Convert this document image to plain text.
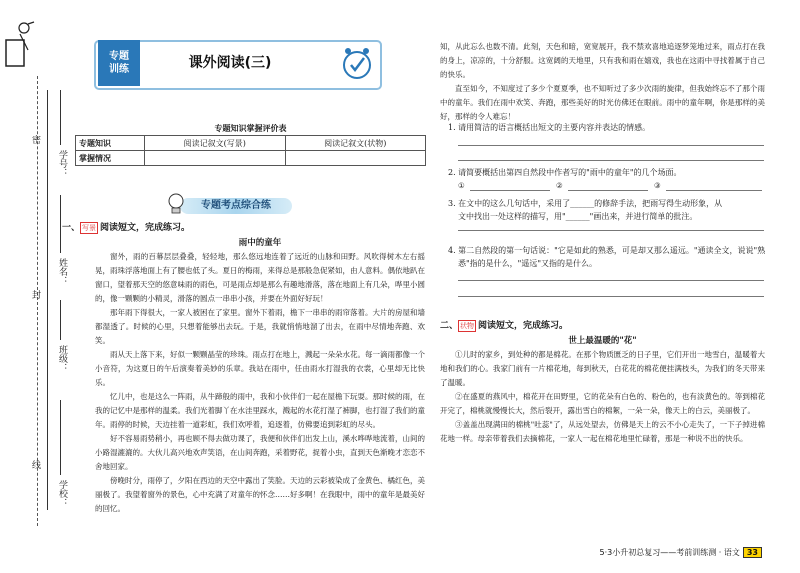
密
封
线
学号：
姓名：
班级：
学校：
专题
训练	课外阅读(三)
专题知识掌握评价表		
专题知识	阅读记叙文(写景)	阅读记叙文(状物)
掌握情况		
专题考点综合练
一、 写景 阅读短文，完成练习。
雨中的童年

窗外，雨的百幕层层叠叠，轻轻地，那么悠远地连着了远近的山脉和田野。风吹得树木左右摇晃，雨珠浮落地面上有了腰也低了头。夏日的梅雨，来得总是那般急促紧如，由人意料。偶依地趴在窗口，望着那天空的悠意味雨的雨色，可是雨点却是那么有趣地滑落，落在地面上有几朵，哗里小圆的，像一颗颗的小精灵，滑落的圆点一串串小孩，并要在外面好好玩！

那年雨下得很大，一家人被困在了家里。窗外下着雨，檐下一串串的雨帘落着。大片的房屋和墙都湿透了。时候的心里，只想着能够出去玩。于是，我就悄悄地溜了出去，在雨中尽情地奔跑、欢笑。

雨从天上落下来，好似一颗颗晶莹的珍珠。雨点打在地上，溅起一朵朵水花。每一滴雨都像一个小音符，为这夏日的午后演奏着美妙的乐章。我站在雨中，任由雨水打湿我的衣裳，心里却无比快乐。

忆儿中，也是这么一阵雨，从牛蹄般的雨中，我和小伙伴们一起在屋檐下玩耍。那时候的雨，在我的记忆中是那样的温柔。我们光着脚丫在水洼里踩水，溅起的水花打湿了裤脚，也打湿了我们的童年。雨停的时候，天边挂着一道彩虹，我们欢呼着，追逐着，仿佛要追到彩虹的尽头。

好不容易雨势稍小，再也顾不得去做功课了，我便和伙伴们出发上山，溪水哗哗地流着，山间的小路湿漉漉的。大伙儿高兴地欢声笑语，在山间奔跑，采着野花，捉着小虫，直到天色渐晚才恋恋不舍地回家。

傍晚时分，雨停了，夕阳在西边的天空中露出了笑脸。天边的云彩被染成了金黄色、橘红色，美丽极了。我望着窗外的景色，心中充满了对童年的怀念……好多啊！在我眼中，雨中的童年是最美好的回忆。

知，从此忘么也数不清。此刻，天色和暗，宽宽展开，我不禁欢喜地追逐梦笼地过来，雨点打在我的身上，凉凉的，十分舒服。这宽阔的天地里，只有我和雨在嬉戏，我也在这雨中寻找着属于自己的快乐。

直至如今，不知度过了多少个夏夏季，也不知听过了多少次雨的旋律，但我始终忘不了那个雨中的童年。我们在雨中欢笑、奔跑，那些美好的时光仿佛还在眼前。雨中的童年啊，你是那样的美好，那样的令人难忘！

1. 请用简洁的语言概括出短文的主要内容并表达的情感。
2. 请简要概括出第四自然段中作者写的"雨中的童年"的几个场面。
①	②	③
3. 在文中的这么几句话中，采用了______的修辞手法，把雨写得生动形象，从
文中找出一处这样的描写，用"______"画出来，并进行简单的批注。
4. 第二自然段的第一句话说："它是如此的熟悉，可是却又那么遥远。"通读全文，说说"熟
悉"指的是什么，"遥远"又指的是什么。
二、 状物 阅读短文，完成练习。
世上最温暖的"花"

①儿时的家乡，到处种的都是棉花。在那个物质匮乏的日子里，它们开出一地雪白，温暖着大地和我们的心。我家门前有一片棉花地，每到秋天，白花花的棉花便挂满枝头，为我们的冬天带来了温暖。

②在盛夏的燕风中，棉花开在田野里，它的花朵有白色的、粉色的，也有淡黄色的。等到棉花开完了，棉桃就慢慢长大，然后裂开，露出雪白的棉絮，一朵一朵，像天上的白云，美丽极了。

③盖盖出现满田的棉桃"吐蕊"了，从远处望去，仿佛是天上的云不小心走失了，一下子掉进棉花地一样。母亲带着我们去摘棉花，一家人一起在棉花地里忙碌着，那是一种说不出的快乐。

5·3小升初总复习——考前训练测 · 语文 33
